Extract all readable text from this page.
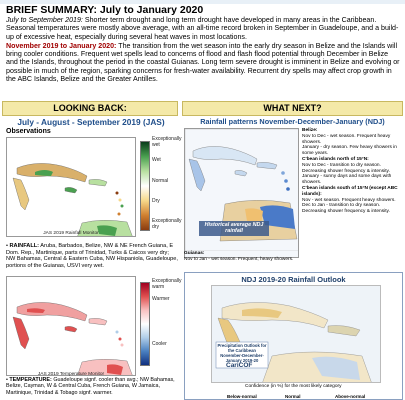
BRIEF SUMMARY: July to January 2020

July to September 2019: Shorter term drought and long term drought have developed in many areas in the Caribbean. Seasonal temperatures were mostly above average, with an all-time record broken in September in Guadeloupe, and a build-up of excessive heat, especially during several heat waves in most locations.

November 2019 to January 2020: The transition from the wet season into the early dry season in Belize and the Islands will bring cooler conditions. Frequent wet spells lead to concerns of flood and flash flood potential through December in Belize and the Islands, throughout the period in the coastal Guianas. Long term severe drought is imminent in Belize and evolving or possible in much of the region, sparking concerns for fresh-water availability. Recurrent dry spells may affect crop growth in the ABC Islands, Belize and the Greater Antilles.

LOOKING BACK:	WHAT NEXT?
July - August - September 2019 (JAS)
Observations
Exceptionally wet
Wet
Normal
Dry
Exceptionally dry
JAS 2019 Rainfall Monitor
• RAINFALL: Aruba, Barbados, Belize, NW & NE French Guiana, E Dom. Rep., Martinique, parts of Trinidad, Turks & Caicos very dry; NW Bahamas, Central & Eastern Cuba, NW Hispaniola, Guadeloupe, portions of the Guianas, USVI very wet.
Exceptionally warm
Warmer
Cooler
JAS 2019 Temperature Monitor
• TEMPERATURE: Guadeloupe signf. cooler than avg.; NW Bahamas, Belize, Cayman, W & Central Cuba, French Guiana, W Jamaica, Martinique, Trinidad & Tobago signf. warmer.
Rainfall patterns November-December-January (NDJ)
Historical average NDJ rainfall
Belize:
Nov to Dec - wet season. Frequent heavy showers.
January - dry season. Few heavy showers in some years.
C'bean islands north of 15°N:
Nov to Dec - transition to dry season. Decreasing shower frequency & intensity.
January - sunny days and some days with showers.
C'bean islands south of 15°N (except ABC islands):
Nov - wet season. Frequent heavy showers.
Dec to Jan - transition to dry season. Decreasing shower frequency & intensity.
Guianas:
Nov to Jan - wet season. Frequent, heavy showers.
NDJ 2019-20 Rainfall Outlook
Precipitation Outlook for the Caribbean November-December-January 2019-20
CariCOF
Confidence (in %) for the most likely category
Below-normal	Normal	Above-normal
